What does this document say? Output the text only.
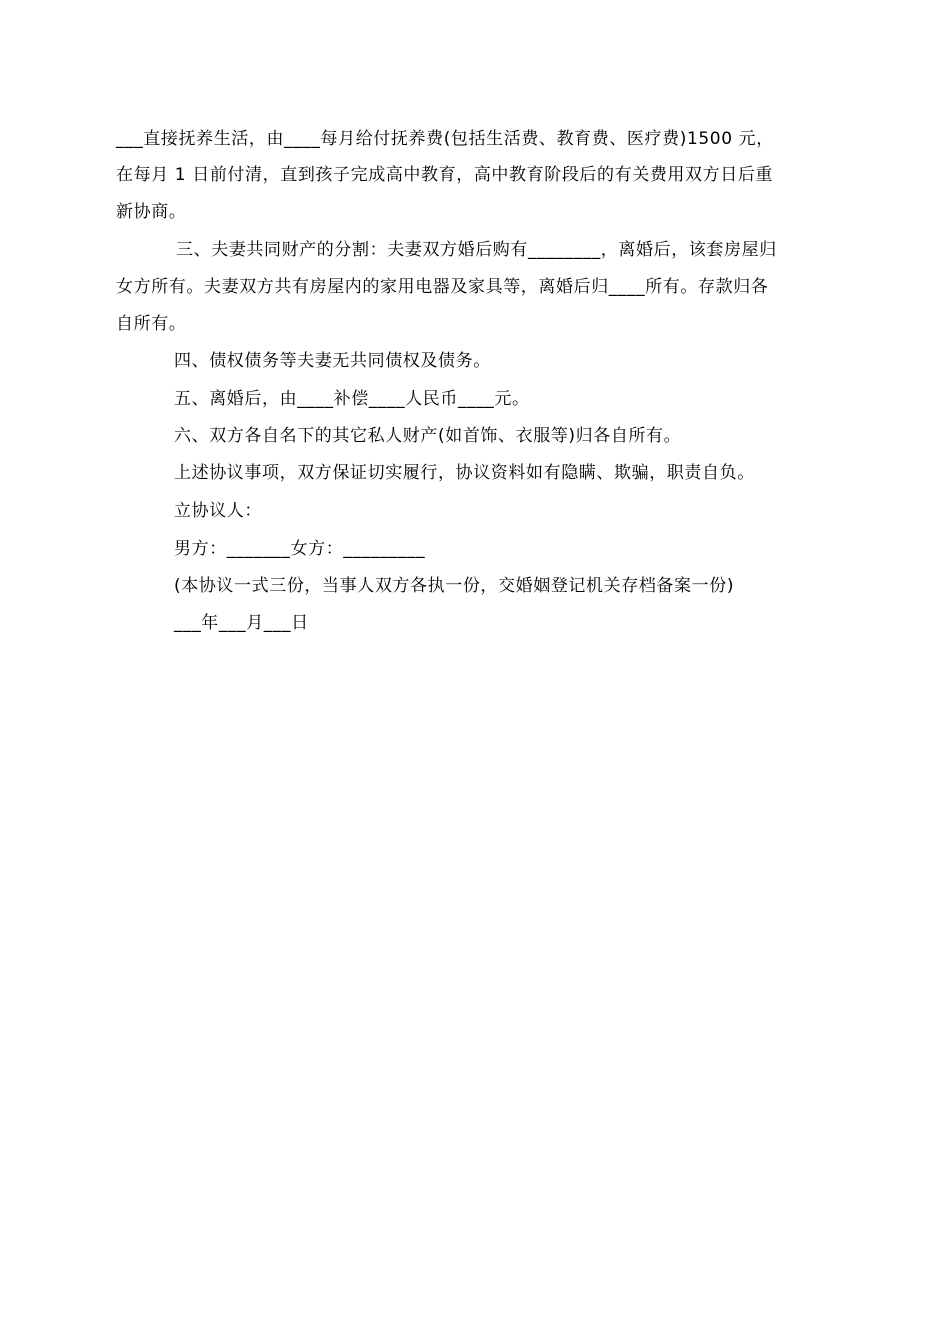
___直接抚养生活，由____每月给付抚养费(包括生活费、教育费、医疗费)1500 元，
在每月 1 日前付清，直到孩子完成高中教育，高中教育阶段后的有关费用双方日后重
新协商。
三、夫妻共同财产的分割：夫妻双方婚后购有________，离婚后，该套房屋归
女方所有。夫妻双方共有房屋内的家用电器及家具等，离婚后归____所有。存款归各
自所有。
四、债权债务等夫妻无共同债权及债务。
五、离婚后，由____补偿____人民币____元。
六、双方各自名下的其它私人财产(如首饰、衣服等)归各自所有。
上述协议事项，双方保证切实履行，协议资料如有隐瞒、欺骗，职责自负。
立协议人：
男方：_______女方：_________
(本协议一式三份，当事人双方各执一份，交婚姻登记机关存档备案一份)
___年___月___日
